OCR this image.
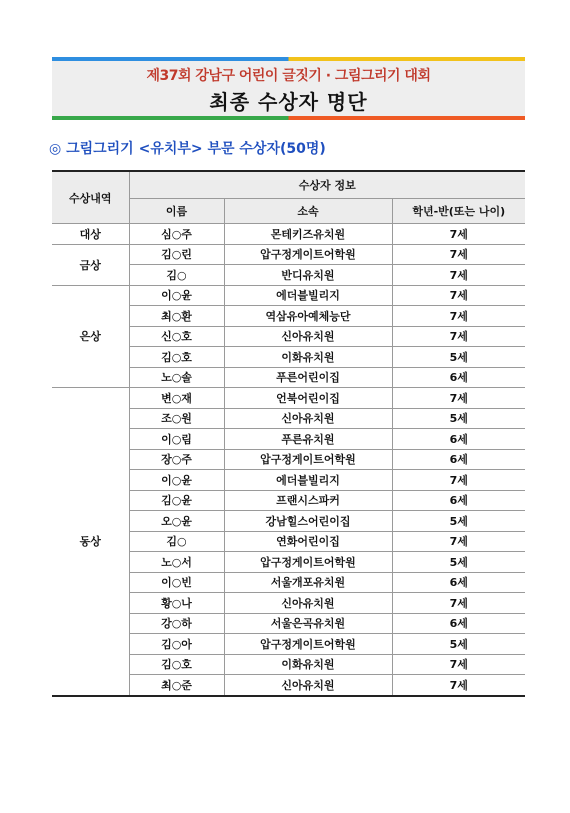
제37회 강남구 어린이 글짓기 · 그림그리기 대회
최종 수상자 명단
◎ 그림그리기 <유치부> 부문 수상자(50명)
수상내역	수상자 정보		
	이름	소속	학년-반(또는 나이)
대상	심○주	몬테키즈유치원	7세
금상	김○린	압구정게이트어학원	7세
	김○	반디유치원	7세
은상	이○윤	에더블빌리지	7세
	최○환	역삼유아예체능단	7세
	신○호	신아유치원	7세
	김○호	이화유치원	5세
	노○솔	푸른어린이집	6세
동상	변○재	언북어린이집	7세
	조○원	신아유치원	5세
	이○림	푸른유치원	6세
	장○주	압구정게이트어학원	6세
	이○윤	에더블빌리지	7세
	김○윤	프랜시스파커	6세
	오○윤	강남힐스어린이집	5세
	김○	연화어린이집	7세
	노○서	압구정게이트어학원	5세
	이○빈	서울개포유치원	6세
	황○나	신아유치원	7세
	강○하	서울은곡유치원	6세
	김○아	압구정게이트어학원	5세
	김○호	이화유치원	7세
	최○준	신아유치원	7세
